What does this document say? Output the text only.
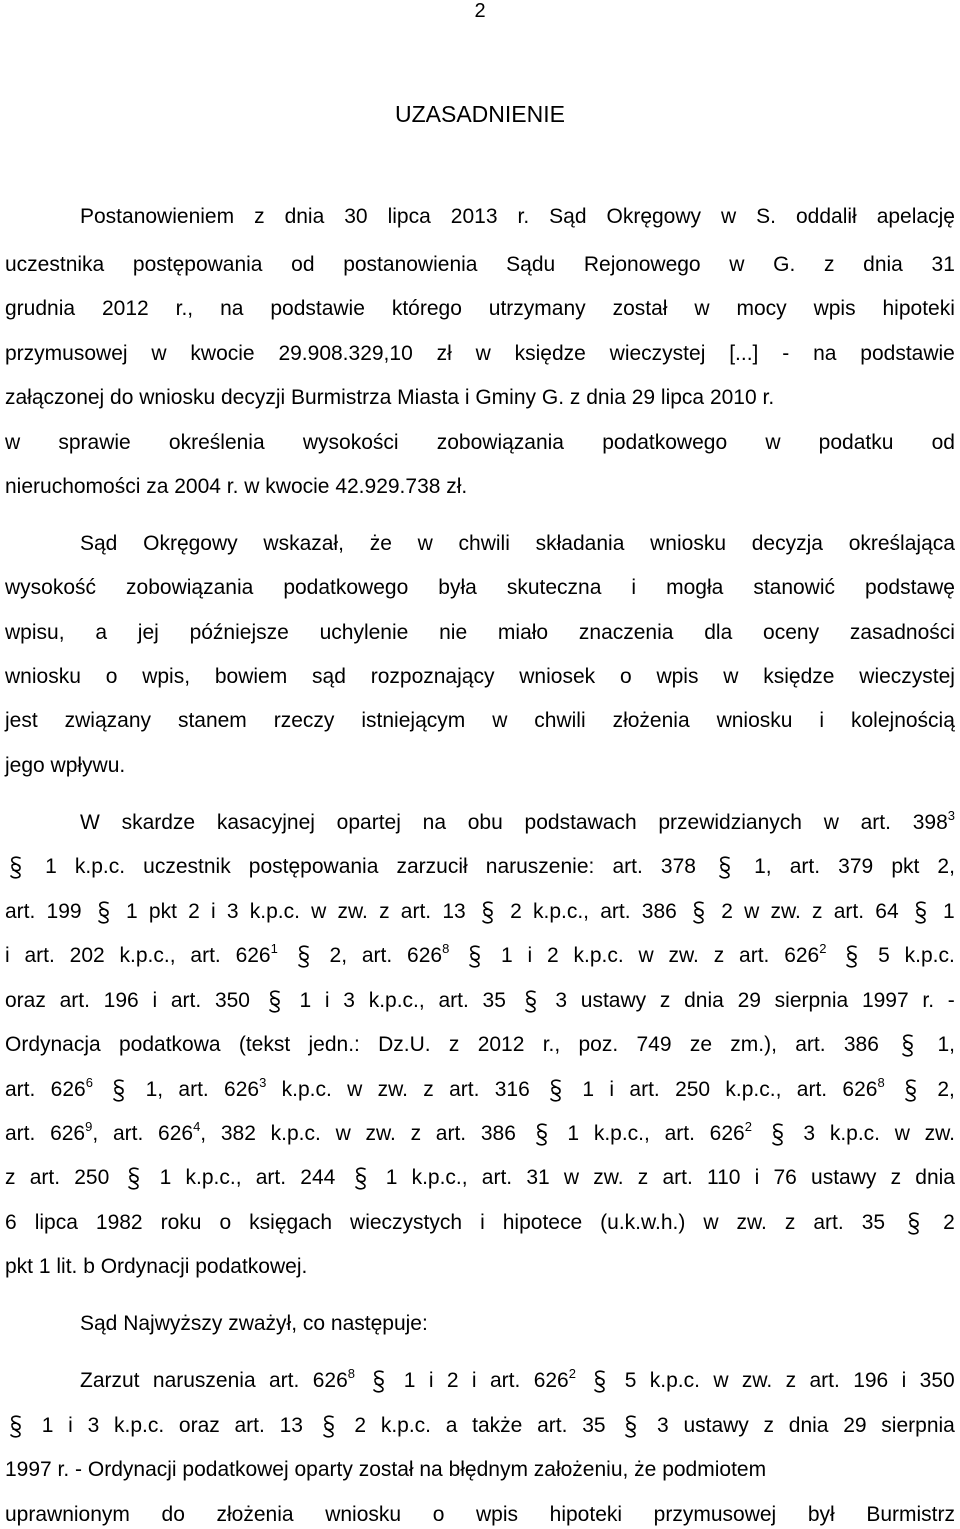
2
UZASADNIENIE
Postanowieniem z dnia 30 lipca 2013 r. Sąd Okręgowy w S. oddalił apelację
uczestnika postępowania od postanowienia Sądu Rejonowego w G. z dnia 31
grudnia 2012 r., na podstawie którego utrzymany został w mocy wpis hipoteki
przymusowej w kwocie 29.908.329,10 zł w księdze wieczystej [...] - na podstawie
załączonej do wniosku decyzji Burmistrza Miasta i Gminy G. z dnia 29 lipca 2010 r.
w sprawie określenia wysokości zobowiązania podatkowego w podatku od
nieruchomości za 2004 r. w kwocie 42.929.738 zł.
Sąd Okręgowy wskazał, że w chwili składania wniosku decyzja określająca
wysokość zobowiązania podatkowego była skuteczna i mogła stanowić podstawę
wpisu, a jej późniejsze uchylenie nie miało znaczenia dla oceny zasadności
wniosku o wpis, bowiem sąd rozpoznający wniosek o wpis w księdze wieczystej
jest związany stanem rzeczy istniejącym w chwili złożenia wniosku i kolejnością
jego wpływu.
W skardze kasacyjnej opartej na obu podstawach przewidzianych w art. $398^3$
1 k.p.c. uczestnik postępowania zarzucił naruszenie: art. 378	1, art. 379 pkt 2,
art. 199 1 pkt 2 i 3 k.p.c. w zw. z art. 13 2 k.p.c., art. 386 2 w zw. z art. 64 1
i art. 202 k.p.c., art. $626^1$ 2, art. $626^8$ 1 i 2 k.p.c. w zw. z art. $626^2$ 5 k.p.c.
oraz art. 196 i art. 350 1 i 3 k.p.c., art. 35 3 ustawy z dnia 29 sierpnia 1997 r. -
Ordynacja podatkowa (tekst jedn.: Dz.U. z 2012 r., poz. 749 ze zm.), art. 386	1,
art. $626^6$	1, art. $626^3$ k.p.c. w zw. z art. 316	1 i art. 250 k.p.c., art. $626^8$	2,
art. $626^9$, art. $626^4$, 382 k.p.c. w zw. z art. 386 1 k.p.c., art. $626^2$ 3 k.p.c. w zw.
z art. 250 1 k.p.c., art. 244 1 k.p.c., art. 31 w zw. z art. 110 i 76 ustawy z dnia
6 lipca 1982 roku o księgach wieczystych i hipotece (u.k.w.h.) w zw. z art. 35	2
pkt 1 lit. b Ordynacji podatkowej.
Sąd Najwyższy zważył, co następuje:
Zarzut naruszenia art. $626^8$ 1 i 2 i art. $626^2$ 5 k.p.c. w zw. z art. 196 i 350
1 i 3 k.p.c. oraz art. 13 2 k.p.c. a także art. 35 3 ustawy z dnia 29 sierpnia
1997 r. - Ordynacji podatkowej oparty został na błędnym założeniu, że podmiotem
uprawnionym do złożenia wniosku o wpis hipoteki przymusowej był Burmistrz
